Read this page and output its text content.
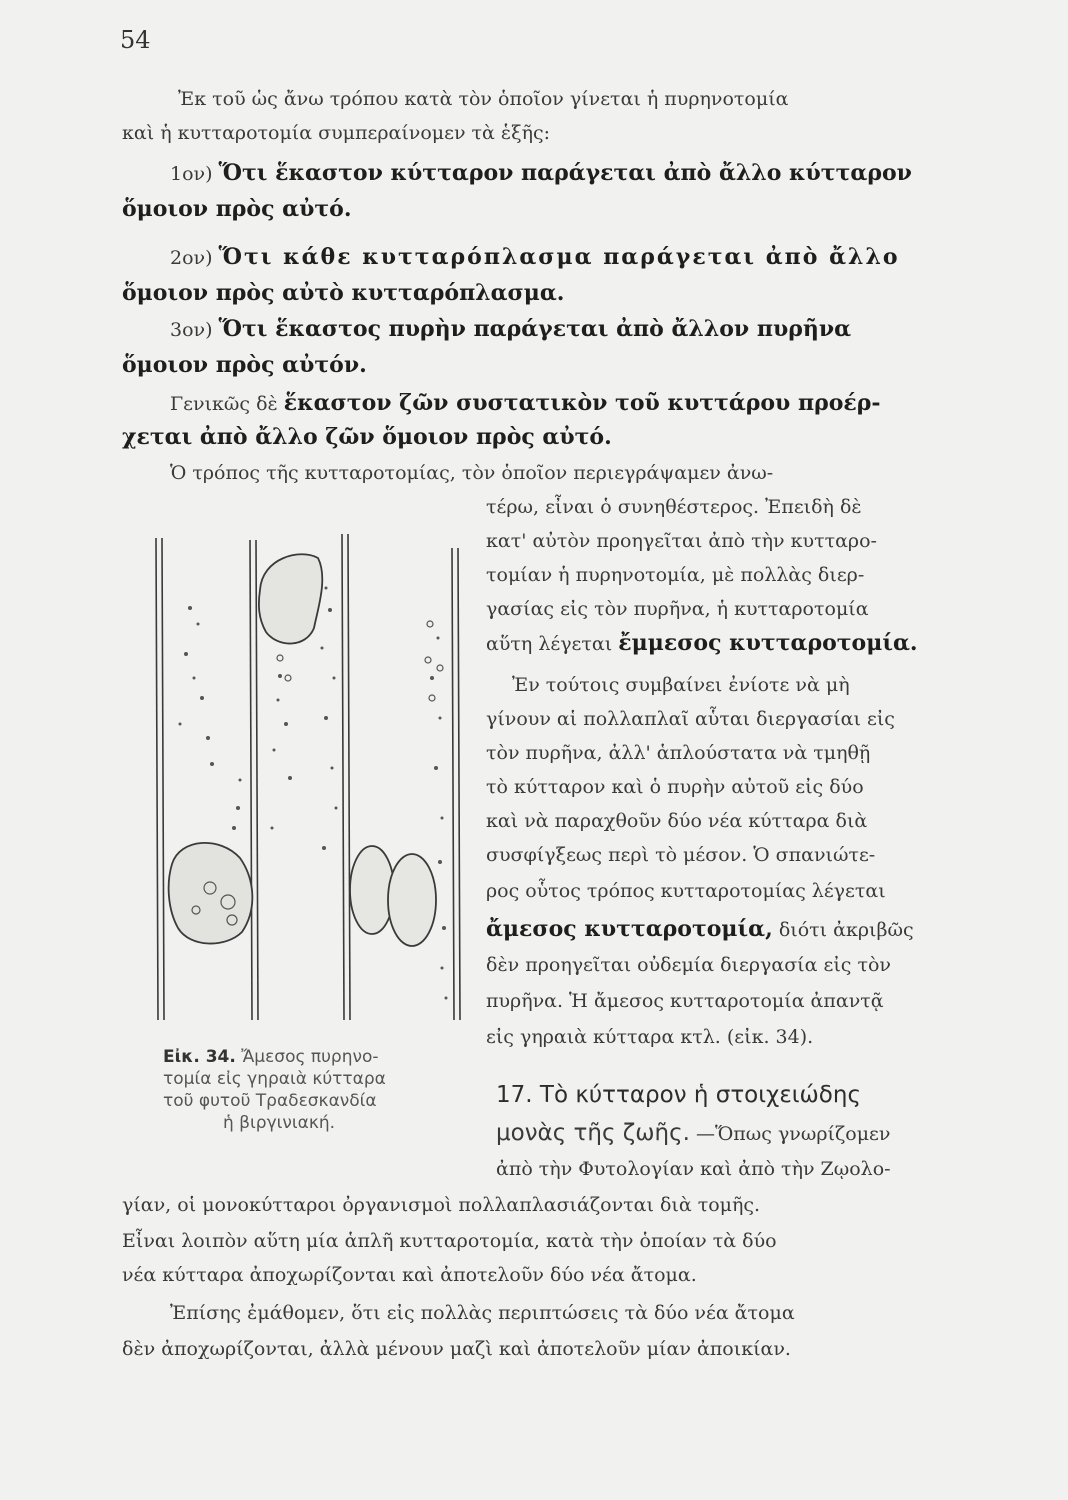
54
Ἐκ τοῦ ὡς ἄνω τρόπου κατὰ τὸν ὁποῖον γίνεται ἡ πυρηνοτομία
καὶ ἡ κυτταροτομία συμπεραίνομεν τὰ ἑξῆς:
1ον) Ὅτι ἕκαστον κύτταρον παράγεται ἀπὸ ἄλλο κύτταρον
ὅμοιον πρὸς αὐτό.
2ον) Ὅτι κάθε κυτταρόπλασμα παράγεται ἀπὸ ἄλλο
ὅμοιον πρὸς αὐτὸ κυτταρόπλασμα.
3ον) Ὅτι ἕκαστος πυρὴν παράγεται ἀπὸ ἄλλον πυρῆνα
ὅμοιον πρὸς αὐτόν.
Γενικῶς δὲ ἕκαστον ζῶν συστατικὸν τοῦ κυττάρου προέρ-
χεται ἀπὸ ἄλλο ζῶν ὅμοιον πρὸς αὐτό.
Ὁ τρόπος τῆς κυτταροτομίας, τὸν ὁποῖον περιεγράψαμεν ἀνω-
τέρω, εἶναι ὁ συνηθέστερος. Ἐπειδὴ δὲ
κατ' αὐτὸν προηγεῖται ἀπὸ τὴν κυτταρο-
τομίαν ἡ πυρηνοτομία, μὲ πολλὰς διερ-
γασίας εἰς τὸν πυρῆνα, ἡ κυτταροτομία
αὕτη λέγεται ἔμμεσος κυτταροτομία.
Ἐν τούτοις συμβαίνει ἐνίοτε νὰ μὴ
γίνουν αἱ πολλαπλαῖ αὗται διεργασίαι εἰς
τὸν πυρῆνα, ἀλλ' ἁπλούστατα νὰ τμηθῇ
τὸ κύτταρον καὶ ὁ πυρὴν αὐτοῦ εἰς δύο
καὶ νὰ παραχθοῦν δύο νέα κύτταρα διὰ
συσφίγξεως περὶ τὸ μέσον. Ὁ σπανιώτε-
ρος οὗτος τρόπος κυτταροτομίας λέγεται
ἄμεσος κυτταροτομία, διότι ἀκριβῶς
δὲν προηγεῖται οὐδεμία διεργασία εἰς τὸν
πυρῆνα. Ἡ ἄμεσος κυτταροτομία ἀπαντᾷ
εἰς γηραιὰ κύτταρα κτλ. (εἰκ. 34).
Εἰκ. 34. Ἄμεσος πυρηνο-
τομία εἰς γηραιὰ κύτταρα
τοῦ φυτοῦ Τραδεσκανδία
ἡ βιργινιακή.
17. Τὸ κύτταρον ἡ στοιχειώδης
μονὰς τῆς ζωῆς. —Ὅπως γνωρίζομεν
ἀπὸ τὴν Φυτολογίαν καὶ ἀπὸ τὴν Ζῳολο-
γίαν, οἱ μονοκύτταροι ὀργανισμοὶ πολλαπλασιάζονται διὰ τομῆς.
Εἶναι λοιπὸν αὕτη μία ἁπλῆ κυτταροτομία, κατὰ τὴν ὁποίαν τὰ δύο
νέα κύτταρα ἀποχωρίζονται καὶ ἀποτελοῦν δύο νέα ἄτομα.
Ἐπίσης ἐμάθομεν, ὅτι εἰς πολλὰς περιπτώσεις τὰ δύο νέα ἄτομα
δὲν ἀποχωρίζονται, ἀλλὰ μένουν μαζὶ καὶ ἀποτελοῦν μίαν ἀποικίαν.
